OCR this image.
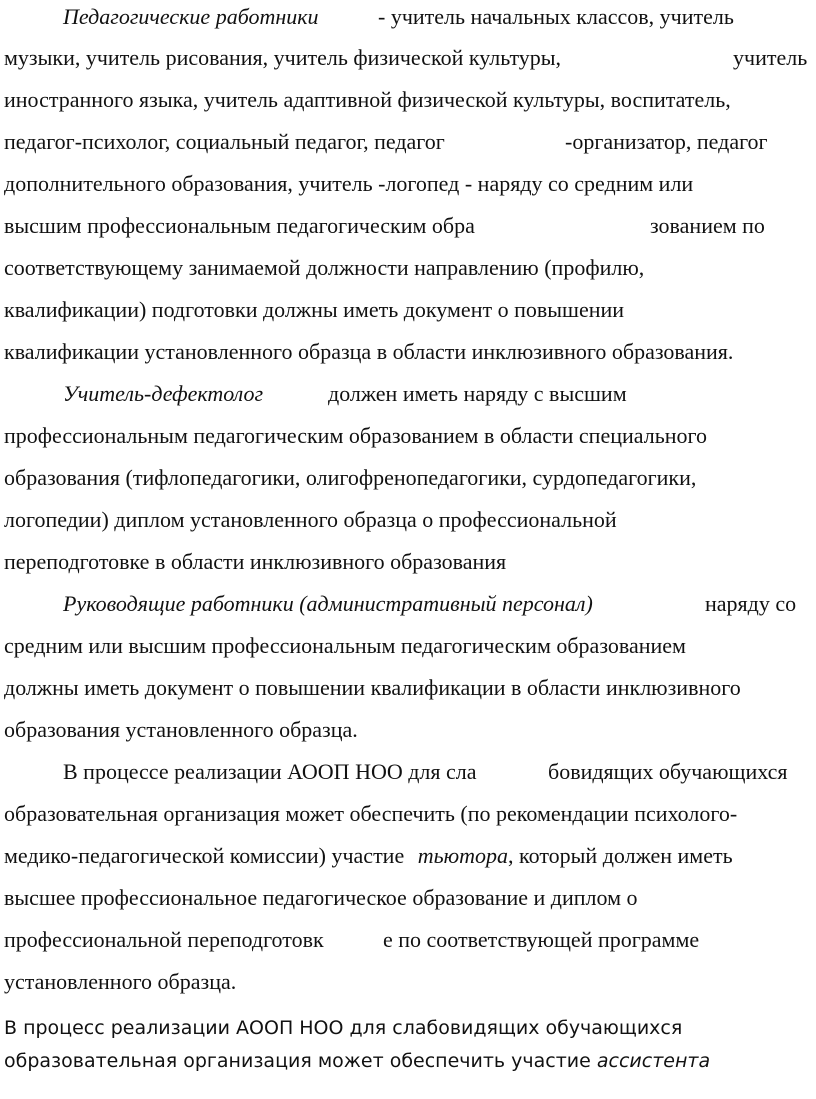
Педагогические работники	- учитель начальных классов, учитель
музыки, учитель рисования, учитель физической культуры,	учитель
иностранного языка, учитель адаптивной физической культуры, воспитатель,
педагог-психолог, социальный педагог, педагог	-организатор, педагог
дополнительного образования, учитель -логопед - наряду со средним или
высшим профессиональным педагогическим обра	зованием по
соответствующему занимаемой должности направлению (профилю,
квалификации) подготовки должны иметь документ о повышении
квалификации установленного образца в области инклюзивного образования.
Учитель-дефектолог	должен иметь наряду с высшим
профессиональным педагогическим образованием в области специального
образования (тифлопедагогики, олигофренопедагогики, сурдопедагогики,
логопедии) диплом установленного образца о профессиональной
переподготовке в области инклюзивного образования
Руководящие работники (административный персонал)	наряду со
средним или высшим профессиональным педагогическим образованием
должны иметь документ о повышении квалификации в области инклюзивного
образования установленного образца.
В процессе реализации АООП НОО для сла	бовидящих обучающихся
образовательная организация может обеспечить (по рекомендации психолого-
медико-педагогической комиссии) участие тьютора, который должен иметь
высшее профессиональное педагогическое образование и диплом о
профессиональной переподготовк	е по соответствующей программе
установленного образца.
В процесс реализации АООП НОО для слабовидящих обучающихся
образовательная организация может обеспечить участие ассистента
